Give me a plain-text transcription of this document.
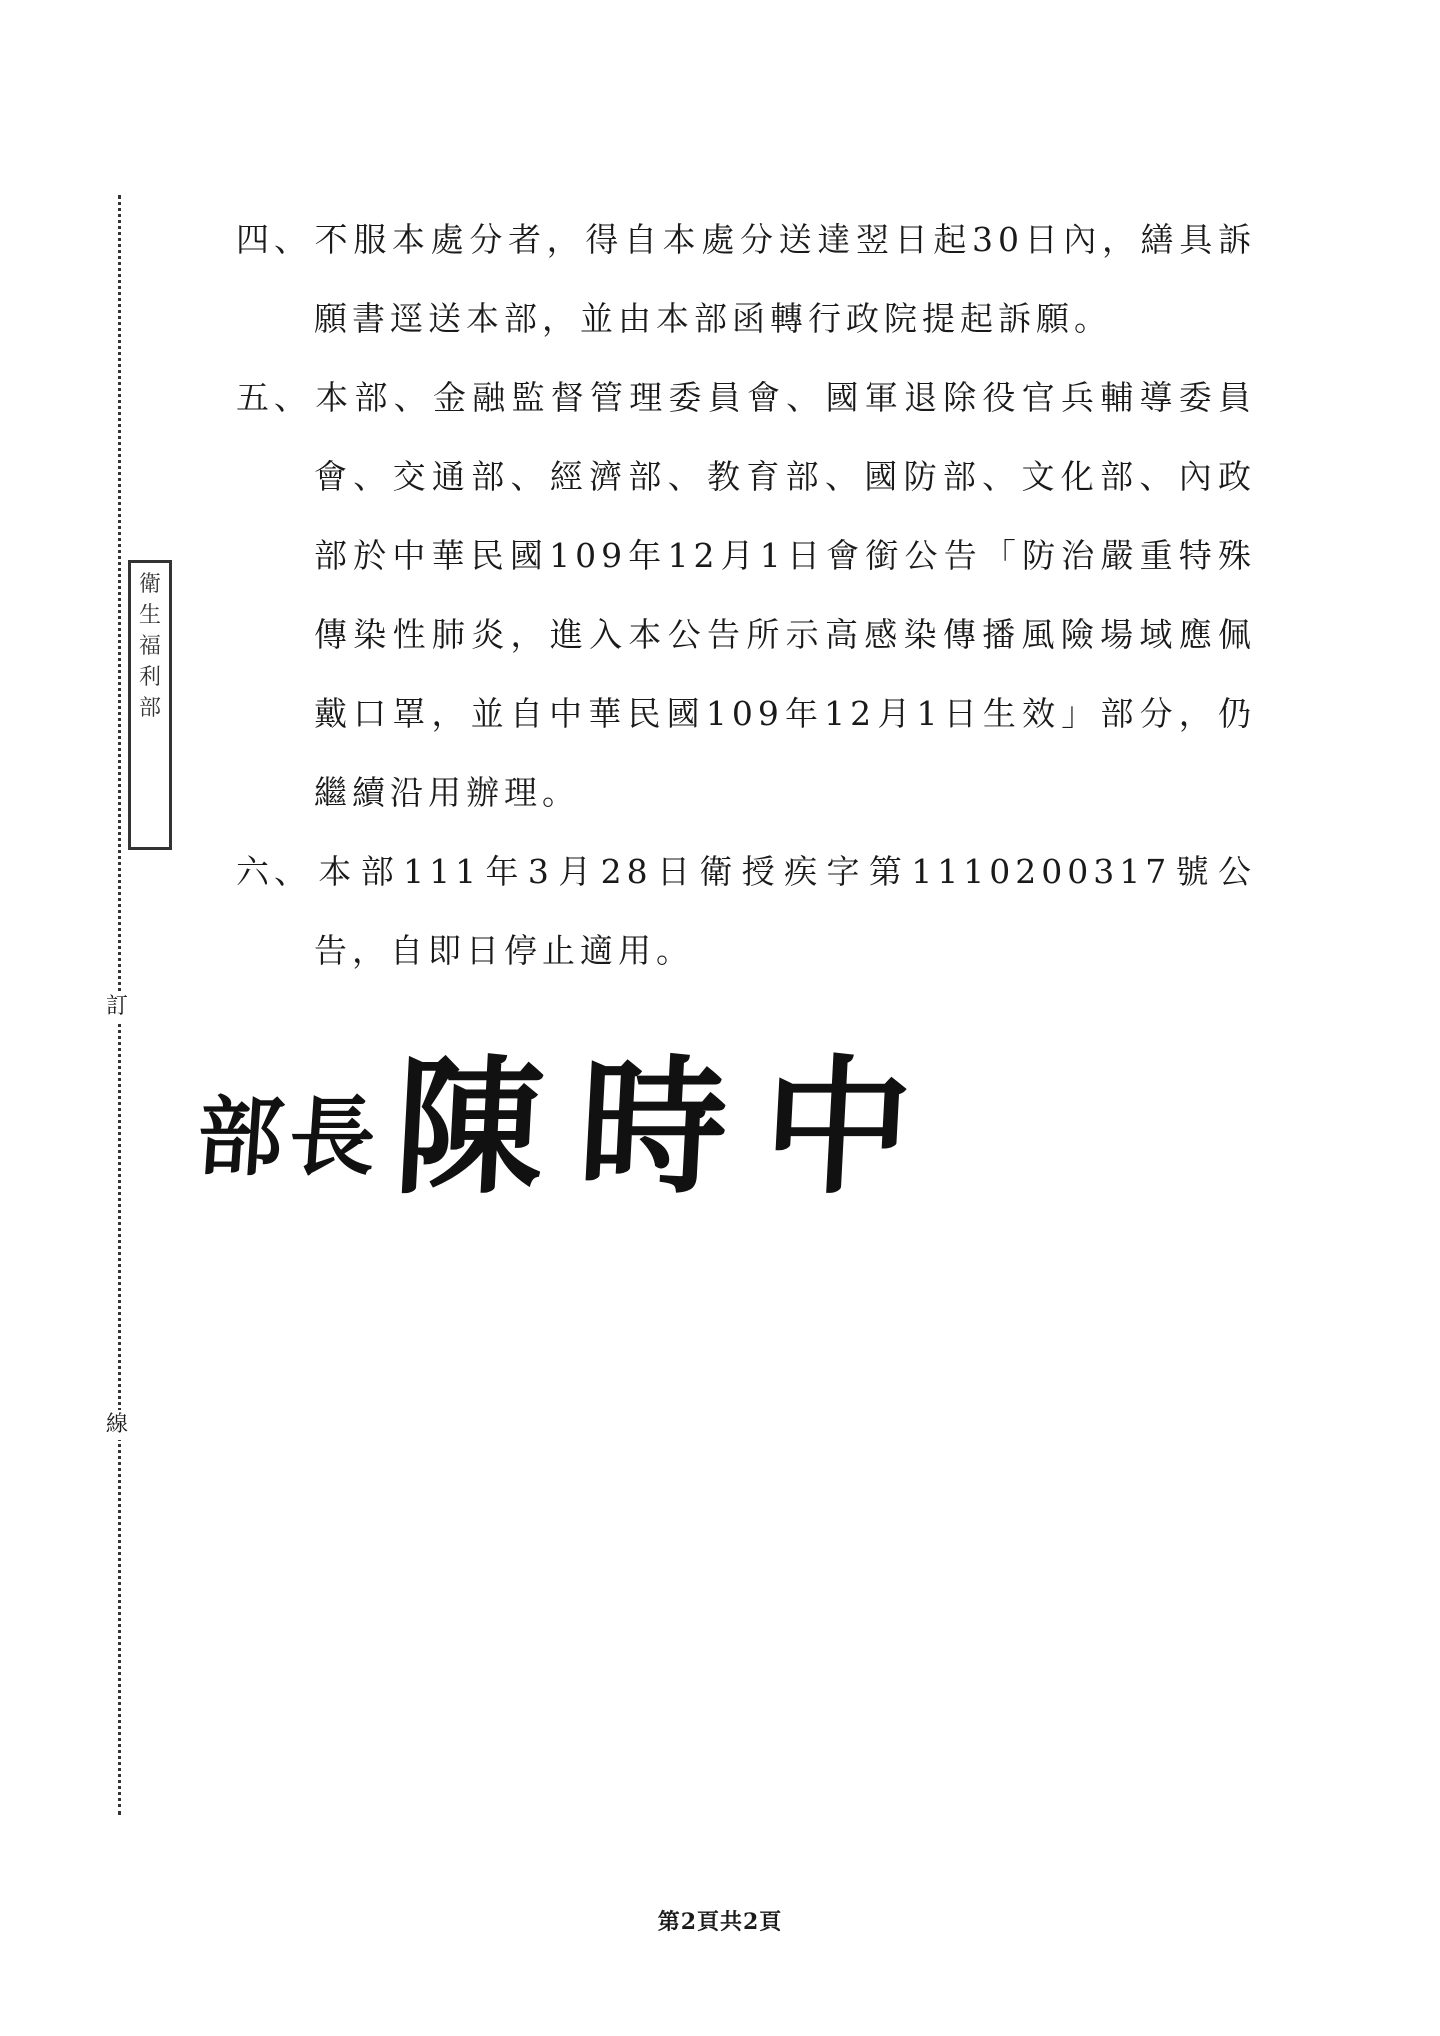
訂
線
衛生福利部

四、不服本處分者，得自本處分送達翌日起30日內，繕具訴願書逕送本部，並由本部函轉行政院提起訴願。

五、本部、金融監督管理委員會、國軍退除役官兵輔導委員會、交通部、經濟部、教育部、國防部、文化部、內政部於中華民國109年12月1日會銜公告「防治嚴重特殊傳染性肺炎，進入本公告所示高感染傳播風險場域應佩戴口罩，並自中華民國109年12月1日生效」部分，仍繼續沿用辦理。

六、本部111年3月28日衛授疾字第1110200317號公告，自即日停止適用。

部長 陳時中
第2頁共2頁
